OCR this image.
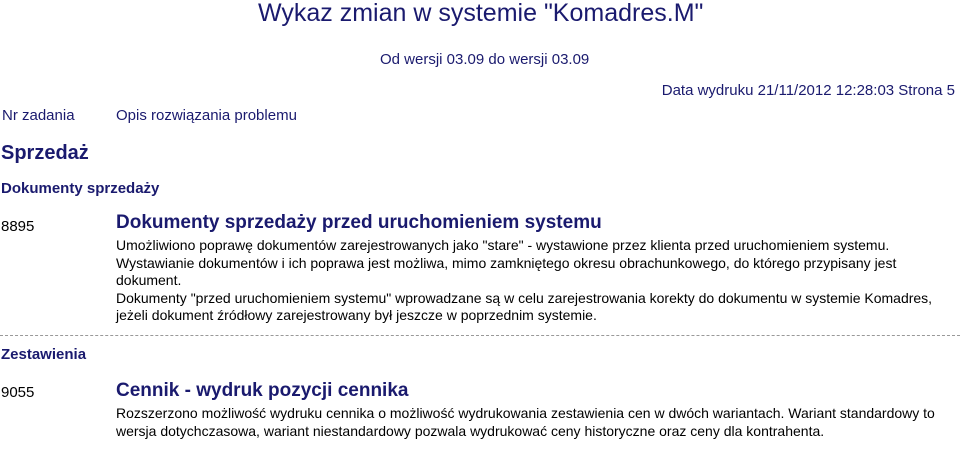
Wykaz zmian w systemie "Komadres.M"
Od wersji 03.09 do wersji 03.09
Data wydruku 21/11/2012 12:28:03 Strona 5
Nr zadania	Opis rozwiązania problemu
Sprzedaż
Dokumenty sprzedaży
8895	Dokumenty sprzedaży przed uruchomieniem systemu

Umożliwiono poprawę dokumentów zarejestrowanych jako "stare" - wystawione przez klienta przed uruchomieniem systemu.

Wystawianie dokumentów i ich poprawa jest możliwa, mimo zamkniętego okresu obrachunkowego, do którego przypisany jest dokument.

Dokumenty "przed uruchomieniem systemu" wprowadzane są w celu zarejestrowania korekty do dokumentu w systemie Komadres, jeżeli dokument źródłowy zarejestrowany był jeszcze w poprzednim systemie.

Zestawienia
9055	Cennik - wydruk pozycji cennika

Rozszerzono możliwość wydruku cennika o możliwość wydrukowania zestawienia cen w dwóch wariantach. Wariant standardowy to wersja dotychczasowa, wariant niestandardowy pozwala wydrukować ceny historyczne oraz ceny dla kontrahenta.
